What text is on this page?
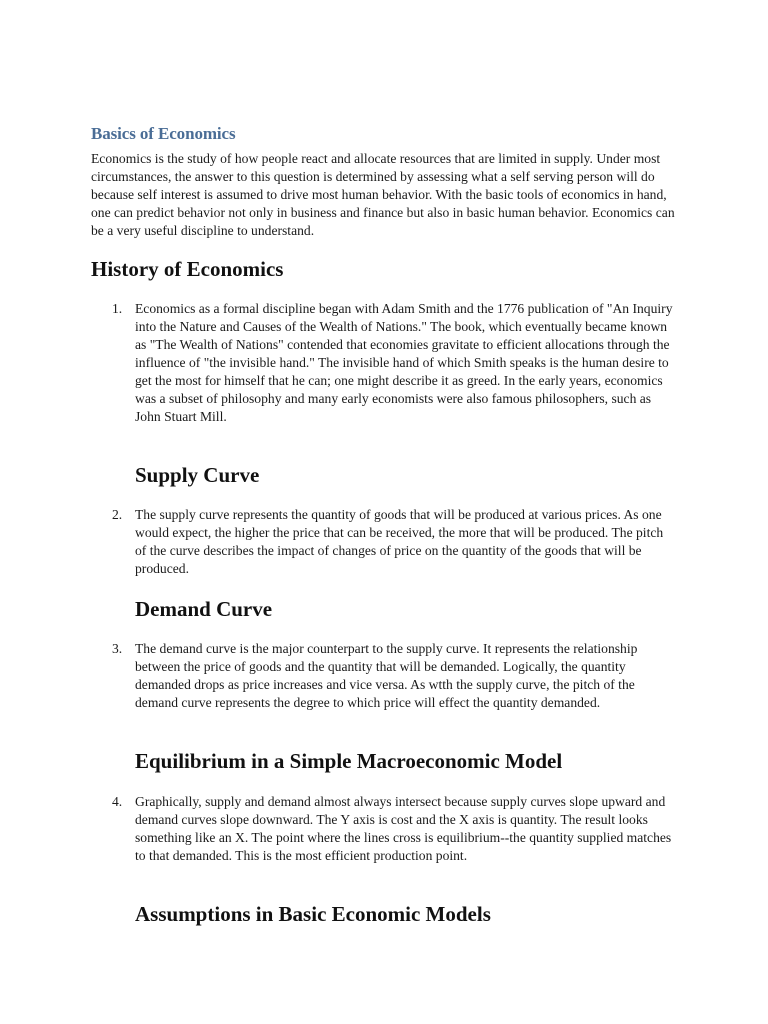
Basics of Economics

Economics is the study of how people react and allocate resources that are limited in supply. Under most circumstances, the answer to this question is determined by assessing what a self serving person will do because self interest is assumed to drive most human behavior. With the basic tools of economics in hand, one can predict behavior not only in business and finance but also in basic human behavior. Economics can be a very useful discipline to understand.

History of Economics
1. Economics as a formal discipline began with Adam Smith and the 1776 publication of "An Inquiry into the Nature and Causes of the Wealth of Nations." The book, which eventually became known as "The Wealth of Nations" contended that economies gravitate to efficient allocations through the influence of "the invisible hand." The invisible hand of which Smith speaks is the human desire to get the most for himself that he can; one might describe it as greed. In the early years, economics was a subset of philosophy and many early economists were also famous philosophers, such as John Stuart Mill.

Supply Curve
2. The supply curve represents the quantity of goods that will be produced at various prices. As one would expect, the higher the price that can be received, the more that will be produced. The pitch of the curve describes the impact of changes of price on the quantity of the goods that will be produced.

Demand Curve
3. The demand curve is the major counterpart to the supply curve. It represents the relationship between the price of goods and the quantity that will be demanded. Logically, the quantity demanded drops as price increases and vice versa. As wtth the supply curve, the pitch of the demand curve represents the degree to which price will effect the quantity demanded.

Equilibrium in a Simple Macroeconomic Model
4. Graphically, supply and demand almost always intersect because supply curves slope upward and demand curves slope downward. The Y axis is cost and the X axis is quantity. The result looks something like an X. The point where the lines cross is equilibrium--the quantity supplied matches to that demanded. This is the most efficient production point.

Assumptions in Basic Economic Models
